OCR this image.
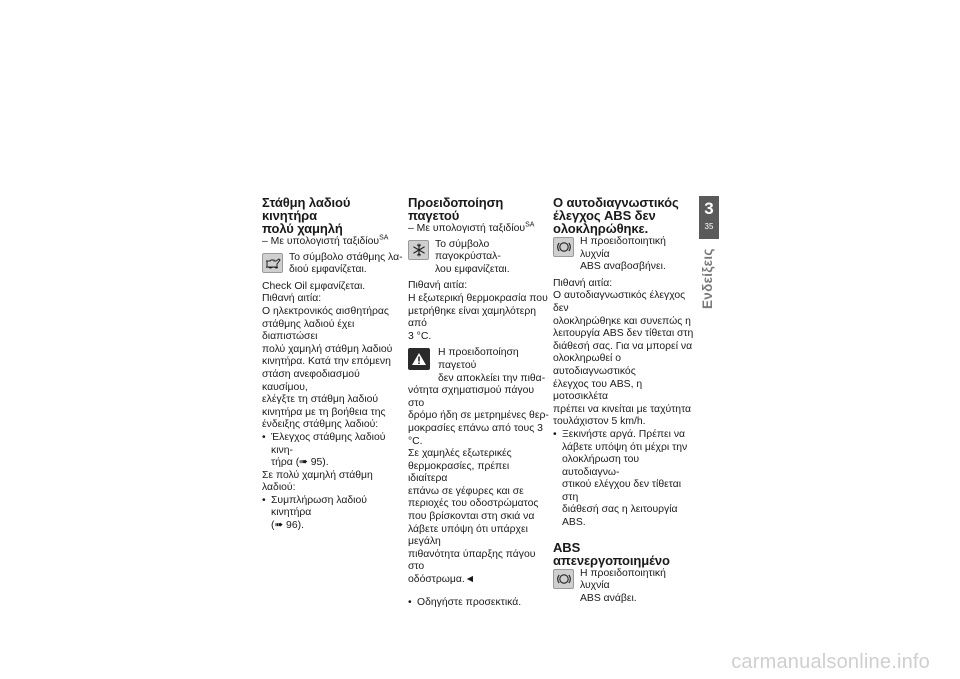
Στάθμη λαδιού κινητήρα
πολύ χαμηλή

– Με υπολογιστή ταξιδίου$^{SA}$

Το σύμβολο στάθμης λα-
διού εμφανίζεται.

Check Oil εμφανίζεται.

Πιθανή αιτία:

Ο ηλεκτρονικός αισθητήρας

στάθμης λαδιού έχει διαπιστώσει

πολύ χαμηλή στάθμη λαδιού

κινητήρα. Κατά την επόμενη

στάση ανεφοδιασμού καυσίμου,

ελέγξτε τη στάθμη λαδιού

κινητήρα με τη βοήθεια της

ένδειξης στάθμης λαδιού:

• Έλεγχος στάθμης λαδιού κινη-
τήρα (➠ 95).

Σε πολύ χαμηλή στάθμη λαδιού:

• Συμπλήρωση λαδιού κινητήρα
(➠ 96).
Προειδοποίηση παγετού

– Με υπολογιστή ταξιδίου$^{SA}$

Το σύμβολο παγοκρύσταλ-
λου εμφανίζεται.

Πιθανή αιτία:

Η εξωτερική θερμοκρασία που

μετρήθηκε είναι χαμηλότερη από

3 °C.

Η προειδοποίηση παγετού
δεν αποκλείει την πιθα-

νότητα σχηματισμού πάγου στο

δρόμο ήδη σε μετρημένες θερ-

μοκρασίες επάνω από τους 3 °C.

Σε χαμηλές εξωτερικές

θερμοκρασίες, πρέπει ιδιαίτερα

επάνω σε γέφυρες και σε

περιοχές του οδοστρώματος

που βρίσκονται στη σκιά να

λάβετε υπόψη ότι υπάρχει μεγάλη

πιθανότητα ύπαρξης πάγου στο

οδόστρωμα.◄

• Οδηγήστε προσεκτικά.
Ο αυτοδιαγνωστικός
έλεγχος ABS δεν
ολοκληρώθηκε.
Η προειδοποιητική λυχνία
ABS αναβοσβήνει.

Πιθανή αιτία:

Ο αυτοδιαγνωστικός έλεγχος δεν

ολοκληρώθηκε και συνεπώς η

λειτουργία ABS δεν τίθεται στη

διάθεσή σας. Για να μπορεί να

ολοκληρωθεί ο αυτοδιαγνωστικός

έλεγχος του ABS, η μοτοσικλέτα

πρέπει να κινείται με ταχύτητα

τουλάχιστον 5 km/h.

• Ξεκινήστε αργά. Πρέπει να
λάβετε υπόψη ότι μέχρι την
ολοκλήρωση του αυτοδιαγνω-
στικού ελέγχου δεν τίθεται στη
διάθεσή σας η λειτουργία ABS.
ABS απενεργοποιημένο
Η προειδοποιητική λυχνία
ABS ανάβει.
3
35
Ενδείξεις
carmanualsonline.info
